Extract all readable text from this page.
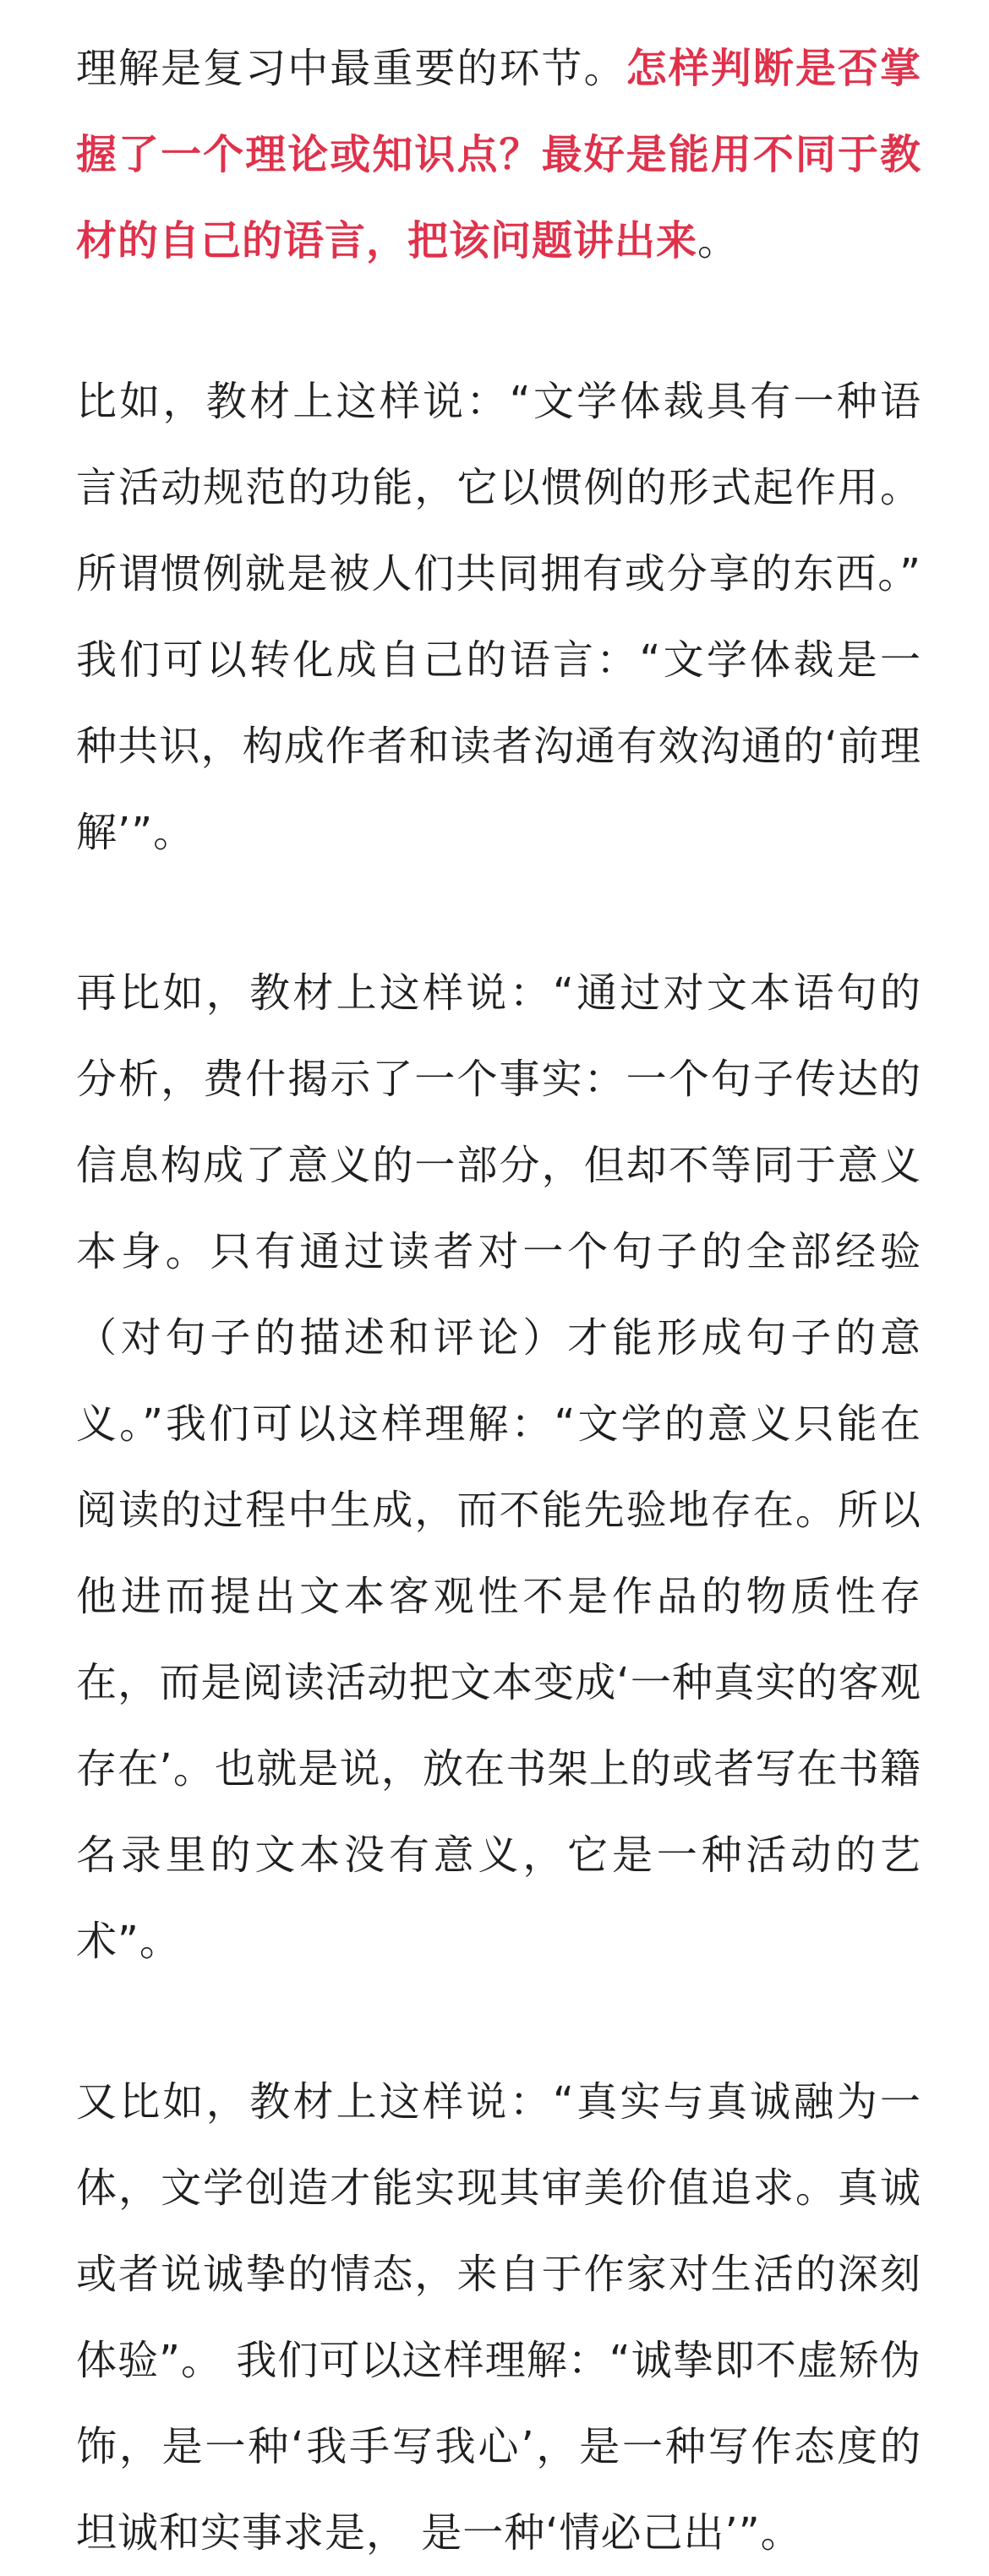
理解是复习中最重要的环节。怎样判断是否掌握了一个理论或知识点？最好是能用不同于教材的自己的语言，把该问题讲出来。

比如，教材上这样说：“文学体裁具有一种语言活动规范的功能，它以惯例的形式起作用。所谓惯例就是被人们共同拥有或分享的东西。” 我们可以转化成自己的语言：“文学体裁是一种共识，构成作者和读者沟通有效沟通的‘前理解’”。

再比如，教材上这样说：“通过对文本语句的分析，费什揭示了一个事实：一个句子传达的信息构成了意义的一部分，但却不等同于意义本身。只有通过读者对一个句子的全部经验（对句子的描述和评论）才能形成句子的意义。”我们可以这样理解：“文学的意义只能在阅读的过程中生成，而不能先验地存在。所以他进而提出文本客观性不是作品的物质性存在，而是阅读活动把文本变成‘一种真实的客观存在’。也就是说，放在书架上的或者写在书籍名录里的文本没有意义，它是一种活动的艺术”。

又比如，教材上这样说：“真实与真诚融为一体，文学创造才能实现其审美价值追求。真诚或者说诚挚的情态，来自于作家对生活的深刻体验”。 我们可以这样理解：“诚挚即不虚矫伪饰，是一种‘我手写我心’，是一种写作态度的坦诚和实事求是， 是一种‘情必己出’”。
